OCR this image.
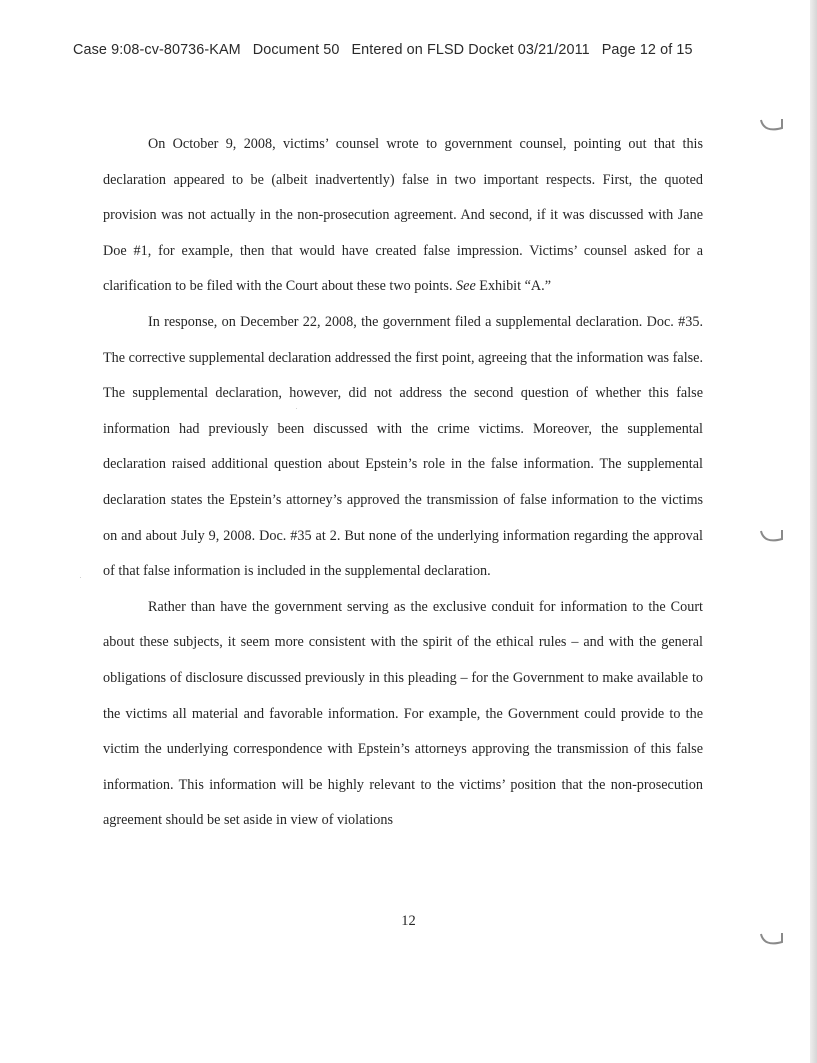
Case 9:08-cv-80736-KAM Document 50 Entered on FLSD Docket 03/21/2011 Page 12 of 15

On October 9, 2008, victims’ counsel wrote to government counsel, pointing out that this declaration appeared to be (albeit inadvertently) false in two important respects. First, the quoted provision was not actually in the non-prosecution agreement. And second, if it was discussed with Jane Doe #1, for example, then that would have created false impression. Victims’ counsel asked for a clarification to be filed with the Court about these two points. See Exhibit “A.”

In response, on December 22, 2008, the government filed a supplemental declaration. Doc. #35. The corrective supplemental declaration addressed the first point, agreeing that the information was false. The supplemental declaration, however, did not address the second question of whether this false information had previously been discussed with the crime victims. Moreover, the supplemental declaration raised additional question about Epstein’s role in the false information. The supplemental declaration states the Epstein’s attorney’s approved the transmission of false information to the victims on and about July 9, 2008. Doc. #35 at 2. But none of the underlying information regarding the approval of that false information is included in the supplemental declaration.

Rather than have the government serving as the exclusive conduit for information to the Court about these subjects, it seem more consistent with the spirit of the ethical rules – and with the general obligations of disclosure discussed previously in this pleading – for the Government to make available to the victims all material and favorable information. For example, the Government could provide to the victim the underlying correspondence with Epstein’s attorneys approving the transmission of this false information. This information will be highly relevant to the victims’ position that the non-prosecution agreement should be set aside in view of violations

12
